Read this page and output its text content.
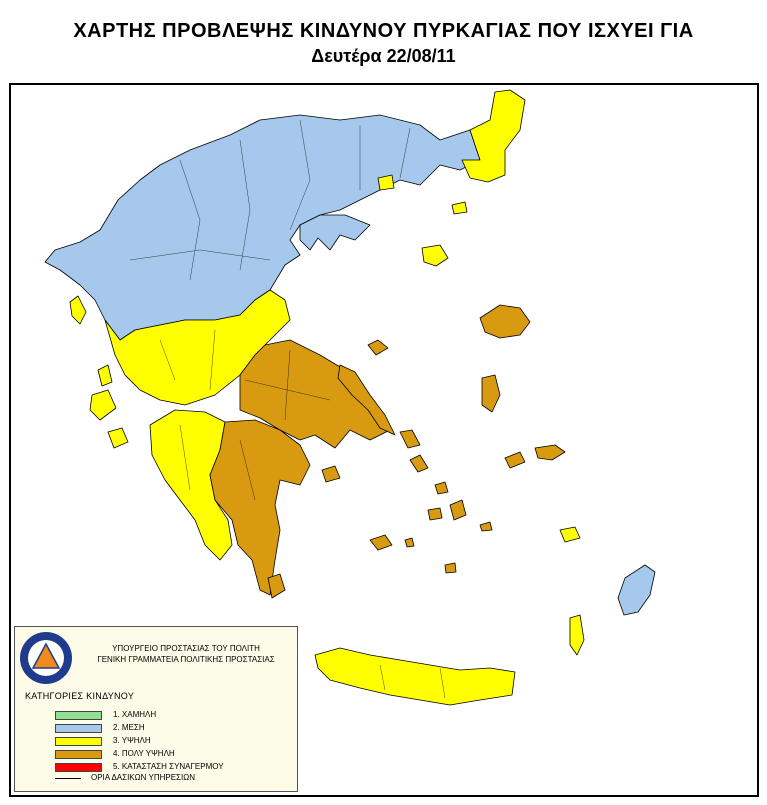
ΧΑΡΤΗΣ ΠΡΟΒΛΕΨΗΣ ΚΙΝΔΥΝΟΥ ΠΥΡΚΑΓΙΑΣ ΠΟΥ ΙΣΧΥΕΙ ΓΙΑ
Δευτέρα 22/08/11
ΥΠΟΥΡΓΕΙΟ ΠΡΟΣΤΑΣΙΑΣ ΤΟΥ ΠΟΛΙΤΗ
ΓΕΝΙΚΗ ΓΡΑΜΜΑΤΕΙΑ ΠΟΛΙΤΙΚΗΣ ΠΡΟΣΤΑΣΙΑΣ
ΚΑΤΗΓΟΡΙΕΣ ΚΙΝΔΥΝΟΥ
1. ΧΑΜΗΛΗ
2. ΜΕΣΗ
3. ΥΨΗΛΗ
4. ΠΟΛΥ ΥΨΗΛΗ
5. ΚΑΤΑΣΤΑΣΗ ΣΥΝΑΓΕΡΜΟΥ
ΟΡΙΑ ΔΑΣΙΚΩΝ ΥΠΗΡΕΣΙΩΝ
